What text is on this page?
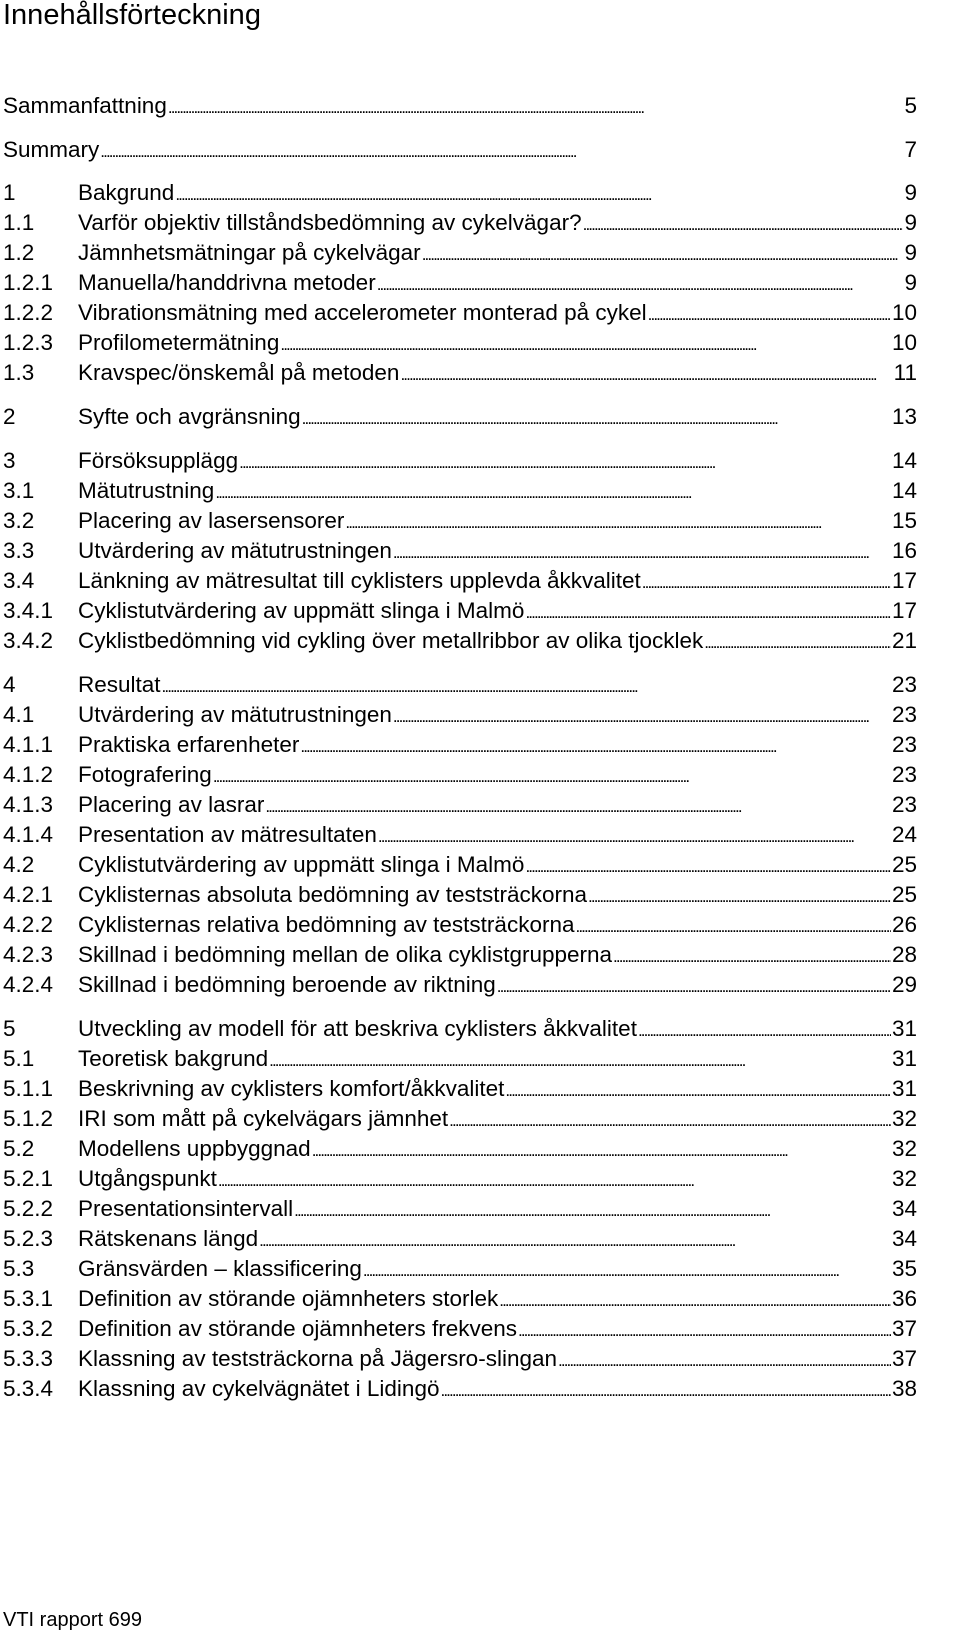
Innehållsförteckning
Sammanfattning . . .	5
Summary . . .	7
1	Bakgrund . . .	9
1.1	Varför objektiv tillståndsbedömning av cykelvägar? . . .	9
1.2	Jämnhetsmätningar på cykelvägar . . .	9
1.2.1	Manuella/handdrivna metoder . . .	9
1.2.2	Vibrationsmätning med accelerometer monterad på cykel . . .	10
1.2.3	Profilometermätning . . .	10
1.3	Kravspec/önskemål på metoden . . .	11
2	Syfte och avgränsning . . .	13
3	Försöksupplägg . . .	14
3.1	Mätutrustning . . .	14
3.2	Placering av lasersensorer . . .	15
3.3	Utvärdering av mätutrustningen . . .	16
3.4	Länkning av mätresultat till cyklisters upplevda åkkvalitet . . .	17
3.4.1	Cyklistutvärdering av uppmätt slinga i Malmö . . .	17
3.4.2	Cyklistbedömning vid cykling över metallribbor av olika tjocklek . . .	21
4	Resultat . . .	23
4.1	Utvärdering av mätutrustningen . . .	23
4.1.1	Praktiska erfarenheter . . .	23
4.1.2	Fotografering . . .	23
4.1.3	Placering av lasrar . . .	23
4.1.4	Presentation av mätresultaten . . .	24
4.2	Cyklistutvärdering av uppmätt slinga i Malmö . . .	25
4.2.1	Cyklisternas absoluta bedömning av teststräckorna . . .	25
4.2.2	Cyklisternas relativa bedömning av teststräckorna . . .	26
4.2.3	Skillnad i bedömning mellan de olika cyklistgrupperna . . .	28
4.2.4	Skillnad i bedömning beroende av riktning . . .	29
5	Utveckling av modell för att beskriva cyklisters åkkvalitet . . .	31
5.1	Teoretisk bakgrund . . .	31
5.1.1	Beskrivning av cyklisters komfort/åkkvalitet . . .	31
5.1.2	IRI som mått på cykelvägars jämnhet . . .	32
5.2	Modellens uppbyggnad . . .	32
5.2.1	Utgångspunkt . . .	32
5.2.2	Presentationsintervall . . .	34
5.2.3	Rätskenans längd . . .	34
5.3	Gränsvärden – klassificering . . .	35
5.3.1	Definition av störande ojämnheters storlek . . .	36
5.3.2	Definition av störande ojämnheters frekvens . . .	37
5.3.3	Klassning av teststräckorna på Jägersro-slingan . . .	37
5.3.4	Klassning av cykelvägnätet i Lidingö . . .	38
VTI rapport 699
